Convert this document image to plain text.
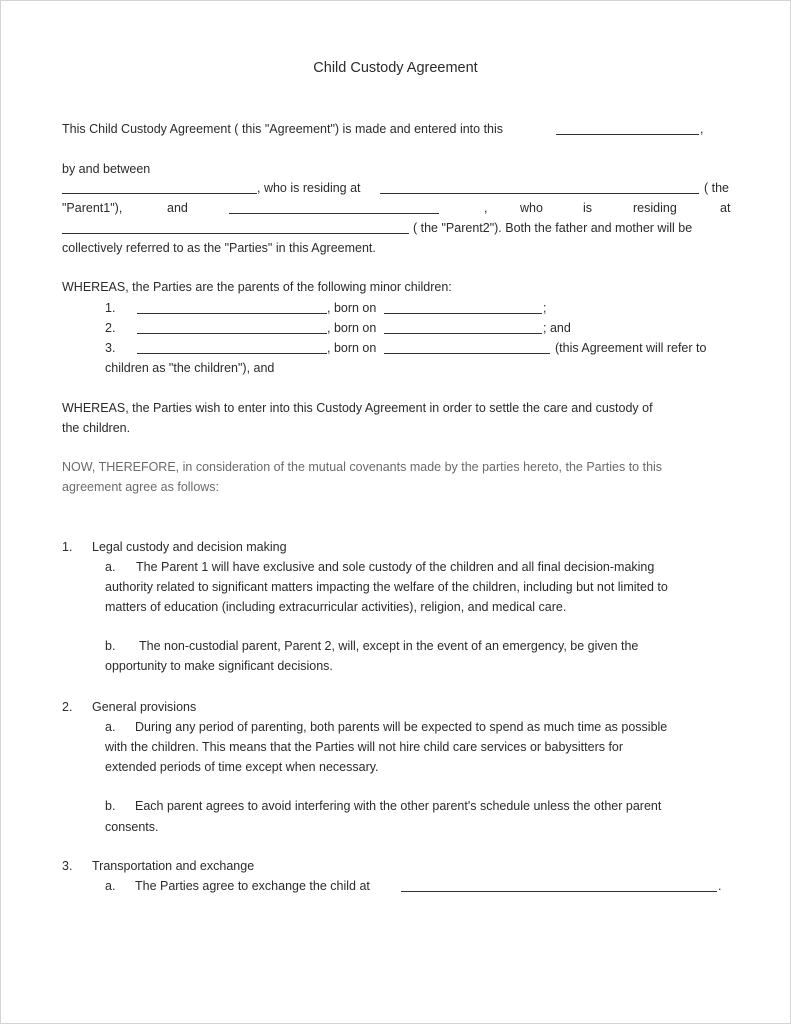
Child Custody Agreement
This Child Custody Agreement ( this "Agreement") is made and entered into this	,
by and between
, who is residing at	( the
"Parent1"),	and	,	who	is	residing	at
( the "Parent2"). Both the father and mother will be
collectively referred to as the "Parties" in this Agreement.
WHEREAS, the Parties are the parents of the following minor children:
1.	, born on	;
2.	, born on	; and
3.	, born on	(this Agreement will refer to
children as "the children"), and
WHEREAS, the Parties wish to enter into this Custody Agreement in order to settle the care and custody of
the children.
NOW, THEREFORE, in consideration of the mutual covenants made by the parties hereto, the Parties to this
agreement agree as follows:
1. Legal custody and decision making
a. The Parent 1 will have exclusive and sole custody of the children and all final decision-making
authority related to significant matters impacting the welfare of the children, including but not limited to
matters of education (including extracurricular activities), religion, and medical care.
b. The non-custodial parent, Parent 2, will, except in the event of an emergency, be given the
opportunity to make significant decisions.
2. General provisions
a. During any period of parenting, both parents will be expected to spend as much time as possible
with the children. This means that the Parties will not hire child care services or babysitters for
extended periods of time except when necessary.
b. Each parent agrees to avoid interfering with the other parent's schedule unless the other parent
consents.
3. Transportation and exchange
a. The Parties agree to exchange the child at	.
